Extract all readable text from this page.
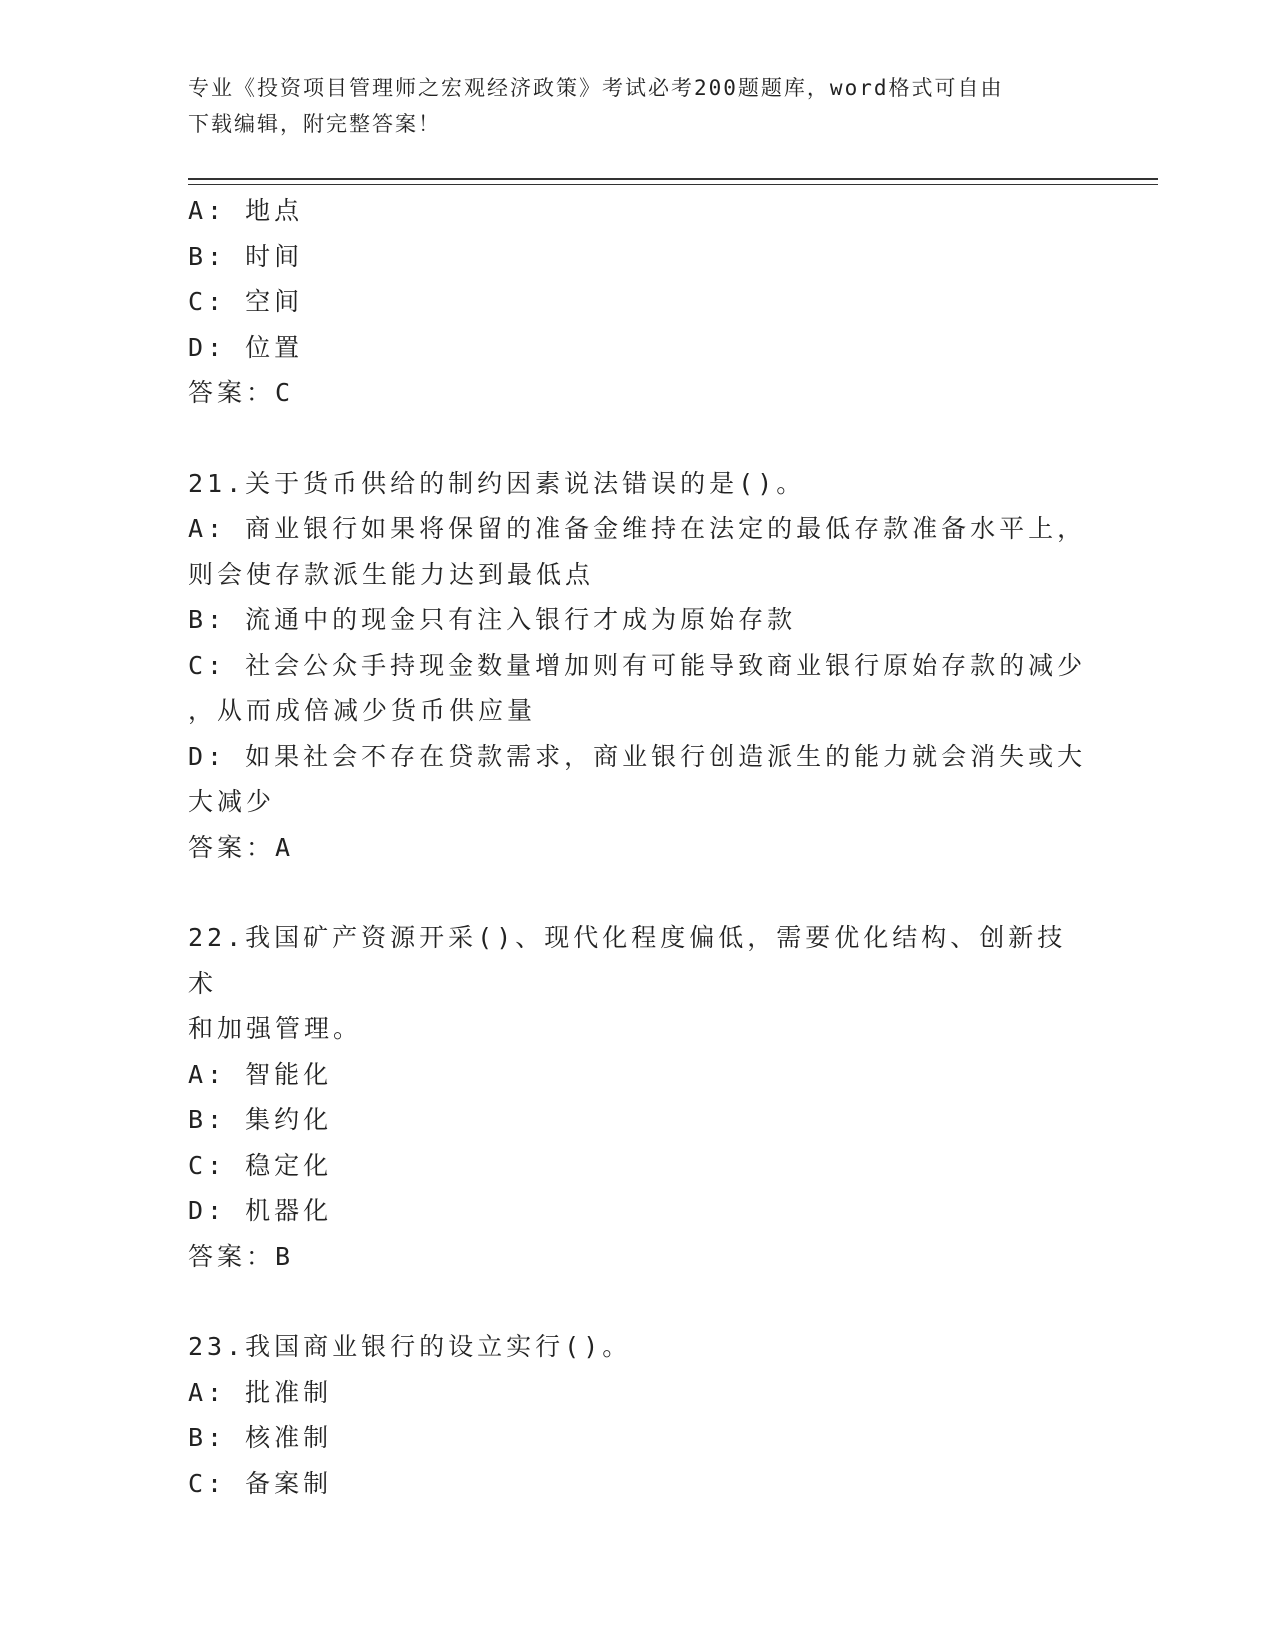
专业《投资项目管理师之宏观经济政策》考试必考200题题库，word格式可自由
下载编辑，附完整答案！
A: 地点
B: 时间
C: 空间
D: 位置
答案：C
21.关于货币供给的制约因素说法错误的是()。
A: 商业银行如果将保留的准备金维持在法定的最低存款准备水平上，
则会使存款派生能力达到最低点
B: 流通中的现金只有注入银行才成为原始存款
C: 社会公众手持现金数量增加则有可能导致商业银行原始存款的减少
，从而成倍减少货币供应量
D: 如果社会不存在贷款需求，商业银行创造派生的能力就会消失或大
大减少
答案：A
22.我国矿产资源开采()、现代化程度偏低，需要优化结构、创新技术
和加强管理。
A: 智能化
B: 集约化
C: 稳定化
D: 机器化
答案：B
23.我国商业银行的设立实行()。
A: 批准制
B: 核准制
C: 备案制
